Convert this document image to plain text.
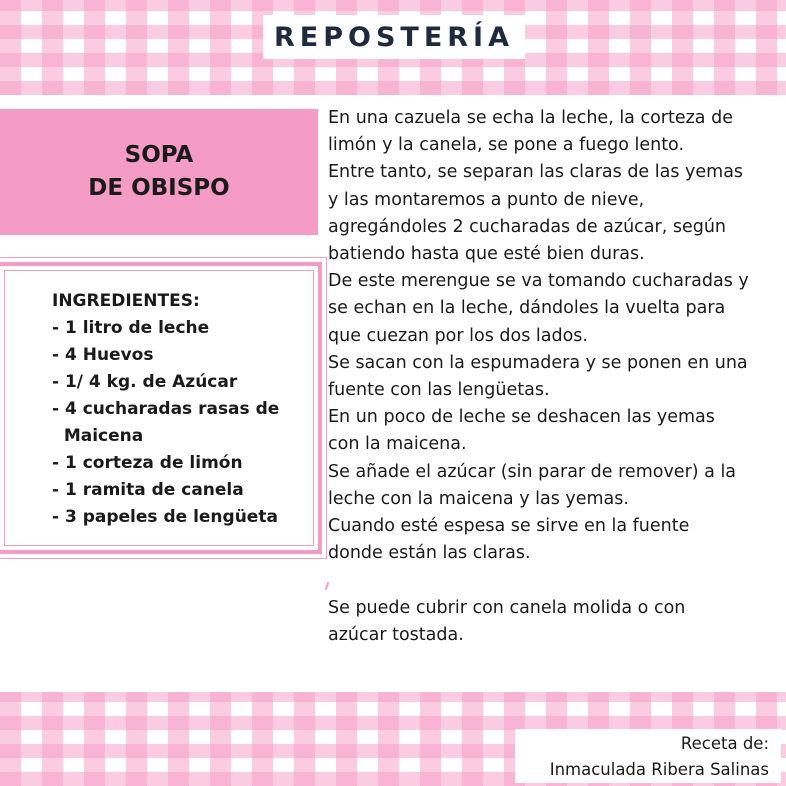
REPOSTERÍA
SOPA
DE OBISPO
INGREDIENTES:
- 1 litro de leche
- 4 Huevos
- 1/ 4 kg. de Azúcar
- 4 cucharadas rasas de
Maicena
- 1 corteza de limón
- 1 ramita de canela
- 3 papeles de lengüeta
En una cazuela se echa la leche, la corteza de
limón y la canela, se pone a fuego lento.
Entre tanto, se separan las claras de las yemas
y las montaremos a punto de nieve,
agregándoles 2 cucharadas de azúcar, según
batiendo hasta que esté bien duras.
De este merengue se va tomando cucharadas y
se echan en la leche, dándoles la vuelta para
que cuezan por los dos lados.
Se sacan con la espumadera y se ponen en una
fuente con las lengüetas.
En un poco de leche se deshacen las yemas
con la maicena.
Se añade el azúcar (sin parar de remover) a la
leche con la maicena y las yemas.
Cuando esté espesa se sirve en la fuente
donde están las claras.
Se puede cubrir con canela molida o con
azúcar tostada.
Receta de:
Inmaculada Ribera Salinas
